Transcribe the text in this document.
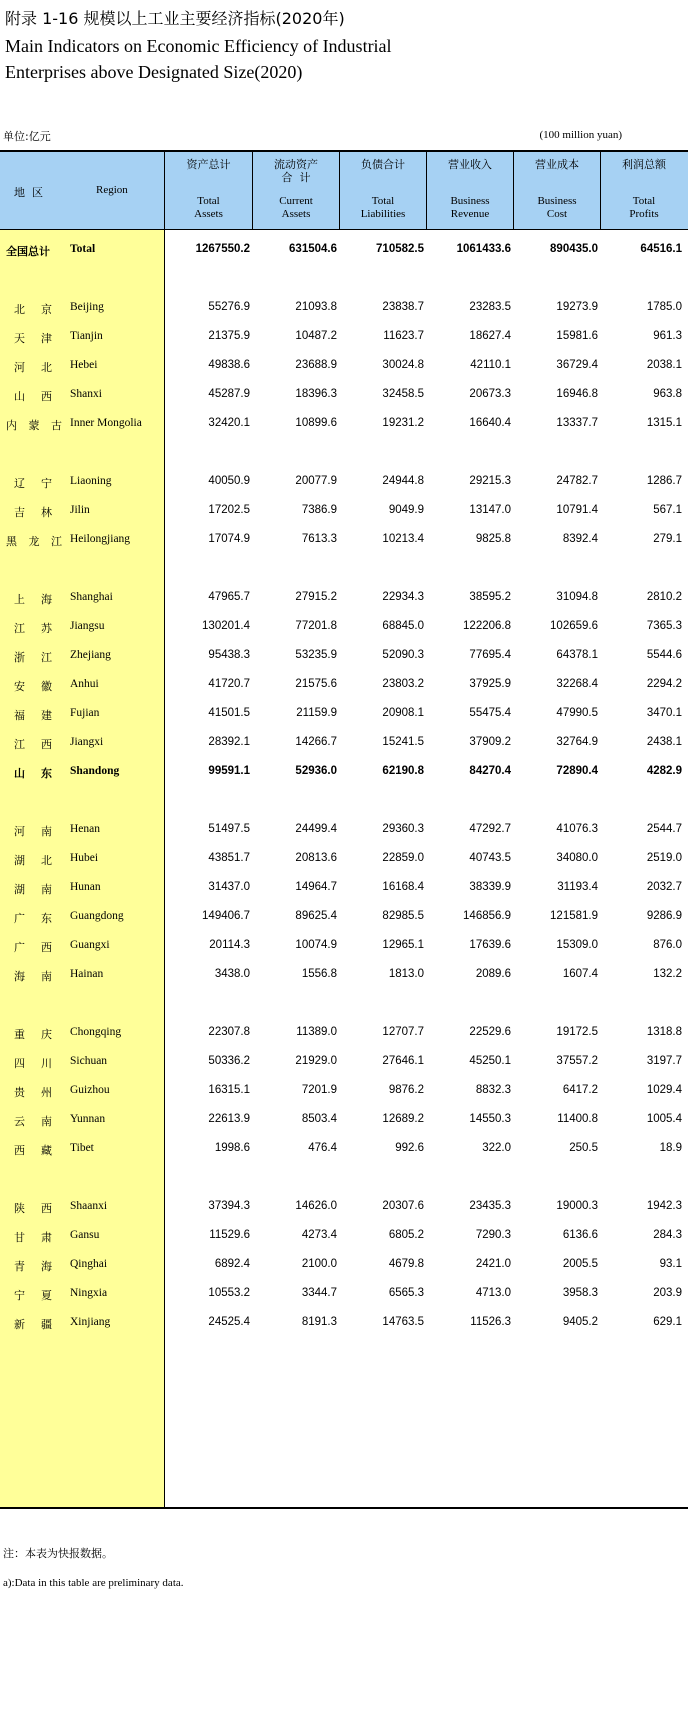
附录 1-16 规模以上工业主要经济指标(2020年)
Main Indicators on Economic Efficiency of Industrial
Enterprises above Designated Size(2020)
单位:亿元	(100 million yuan)
地  区	Region
资产总计
Total
Assets
流动资产
合  计
Current
Assets
负债合计
Total
Liabilities
营业收入
Business
Revenue
营业成本
Business
Cost
利润总额
Total
Profits
全国总计 Total	1267550.2	631504.6	710582.5	1061433.6	890435.0	64516.1
北京 Beijing	55276.9	21093.8	23838.7	23283.5	19273.9	1785.0
天津 Tianjin	21375.9	10487.2	11623.7	18627.4	15981.6	961.3
河北 Hebei	49838.6	23688.9	30024.8	42110.1	36729.4	2038.1
山西 Shanxi	45287.9	18396.3	32458.5	20673.3	16946.8	963.8
内蒙古 Inner Mongolia	32420.1	10899.6	19231.2	16640.4	13337.7	1315.1
辽宁 Liaoning	40050.9	20077.9	24944.8	29215.3	24782.7	1286.7
吉林 Jilin	17202.5	7386.9	9049.9	13147.0	10791.4	567.1
黑龙江 Heilongjiang	17074.9	7613.3	10213.4	9825.8	8392.4	279.1
上海 Shanghai	47965.7	27915.2	22934.3	38595.2	31094.8	2810.2
江苏 Jiangsu	130201.4	77201.8	68845.0	122206.8	102659.6	7365.3
浙江 Zhejiang	95438.3	53235.9	52090.3	77695.4	64378.1	5544.6
安徽 Anhui	41720.7	21575.6	23803.2	37925.9	32268.4	2294.2
福建 Fujian	41501.5	21159.9	20908.1	55475.4	47990.5	3470.1
江西 Jiangxi	28392.1	14266.7	15241.5	37909.2	32764.9	2438.1
山东 Shandong	99591.1	52936.0	62190.8	84270.4	72890.4	4282.9
河南 Henan	51497.5	24499.4	29360.3	47292.7	41076.3	2544.7
湖北 Hubei	43851.7	20813.6	22859.0	40743.5	34080.0	2519.0
湖南 Hunan	31437.0	14964.7	16168.4	38339.9	31193.4	2032.7
广东 Guangdong	149406.7	89625.4	82985.5	146856.9	121581.9	9286.9
广西 Guangxi	20114.3	10074.9	12965.1	17639.6	15309.0	876.0
海南 Hainan	3438.0	1556.8	1813.0	2089.6	1607.4	132.2
重庆 Chongqing	22307.8	11389.0	12707.7	22529.6	19172.5	1318.8
四川 Sichuan	50336.2	21929.0	27646.1	45250.1	37557.2	3197.7
贵州 Guizhou	16315.1	7201.9	9876.2	8832.3	6417.2	1029.4
云南 Yunnan	22613.9	8503.4	12689.2	14550.3	11400.8	1005.4
西藏 Tibet	1998.6	476.4	992.6	322.0	250.5	18.9
陕西 Shaanxi	37394.3	14626.0	20307.6	23435.3	19000.3	1942.3
甘肃 Gansu	11529.6	4273.4	6805.2	7290.3	6136.6	284.3
青海 Qinghai	6892.4	2100.0	4679.8	2421.0	2005.5	93.1
宁夏 Ningxia	10553.2	3344.7	6565.3	4713.0	3958.3	203.9
新疆 Xinjiang	24525.4	8191.3	14763.5	11526.3	9405.2	629.1
注：本表为快报数据。
a):Data in this table are preliminary data.
